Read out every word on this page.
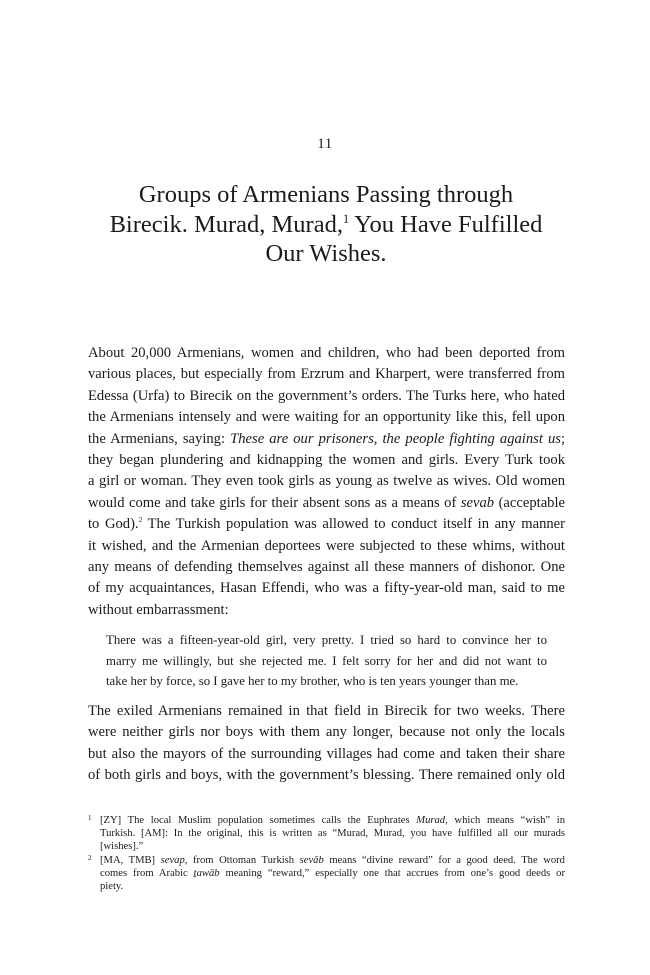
11
Groups of Armenians Passing through
Birecik. Murad, Murad,$^1$ You Have Fulfilled
Our Wishes.
About 20,000 Armenians, women and children, who had been deported from
various places, but especially from Erzrum and Kharpert, were transferred from
Edessa (Urfa) to Birecik on the government’s orders. The Turks here, who hated
the Armenians intensely and were waiting for an opportunity like this, fell upon
the Armenians, saying: These are our prisoners, the people fighting against us;
they began plundering and kidnapping the women and girls. Every Turk took
a girl or woman. They even took girls as young as twelve as wives. Old women
would come and take girls for their absent sons as a means of sevab (acceptable
to God).$^2$ The Turkish population was allowed to conduct itself in any manner
it wished, and the Armenian deportees were subjected to these whims, without
any means of defending themselves against all these manners of dishonor. One
of my acquaintances, Hasan Effendi, who was a fifty-year-old man, said to me
without embarrassment:
There was a fifteen-year-old girl, very pretty. I tried so hard to convince her to
marry me willingly, but she rejected me. I felt sorry for her and did not want to
take her by force, so I gave her to my brother, who is ten years younger than me.
The exiled Armenians remained in that field in Birecik for two weeks. There
were neither girls nor boys with them any longer, because not only the locals
but also the mayors of the surrounding villages had come and taken their share
of both girls and boys, with the government’s blessing. There remained only old
1 [ZY] The local Muslim population sometimes calls the Euphrates Murad, which means “wish” in
Turkish. [AM]: In the original, this is written as “Murad, Murad, you have fulfilled all our murads
[wishes].”
2 [MA, TMB] sevap, from Ottoman Turkish sevāb means “divine reward” for a good deed. The word
comes from Arabic ṯawāb meaning “reward,” especially one that accrues from one’s good deeds or
piety.
